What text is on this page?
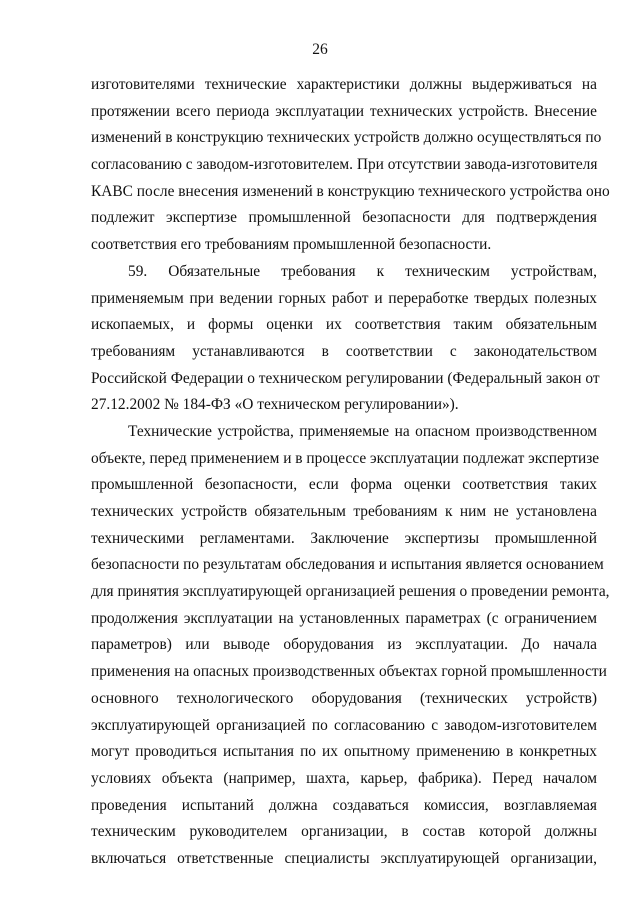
26
изготовителями технические характеристики должны выдерживаться на
протяжении всего периода эксплуатации технических устройств. Внесение
изменений в конструкцию технических устройств должно осуществляться по
согласованию с заводом-изготовителем. При отсутствии завода-изготовителя
КАВС после внесения изменений в конструкцию технического устройства оно
подлежит экспертизе промышленной безопасности для подтверждения
соответствия его требованиям промышленной безопасности.
59. Обязательные требования к техническим устройствам,
применяемым при ведении горных работ и переработке твердых полезных
ископаемых, и формы оценки их соответствия таким обязательным
требованиям устанавливаются в соответствии с законодательством
Российской Федерации о техническом регулировании (Федеральный закон от
27.12.2002 № 184-ФЗ «О техническом регулировании»).
Технические устройства, применяемые на опасном производственном
объекте, перед применением и в процессе эксплуатации подлежат экспертизе
промышленной безопасности, если форма оценки соответствия таких
технических устройств обязательным требованиям к ним не установлена
техническими регламентами. Заключение экспертизы промышленной
безопасности по результатам обследования и испытания является основанием
для принятия эксплуатирующей организацией решения о проведении ремонта,
продолжения эксплуатации на установленных параметрах (с ограничением
параметров) или выводе оборудования из эксплуатации. До начала
применения на опасных производственных объектах горной промышленности
основного технологического оборудования (технических устройств)
эксплуатирующей организацией по согласованию с заводом-изготовителем
могут проводиться испытания по их опытному применению в конкретных
условиях объекта (например, шахта, карьер, фабрика). Перед началом
проведения испытаний должна создаваться комиссия, возглавляемая
техническим руководителем организации, в состав которой должны
включаться ответственные специалисты эксплуатирующей организации,
